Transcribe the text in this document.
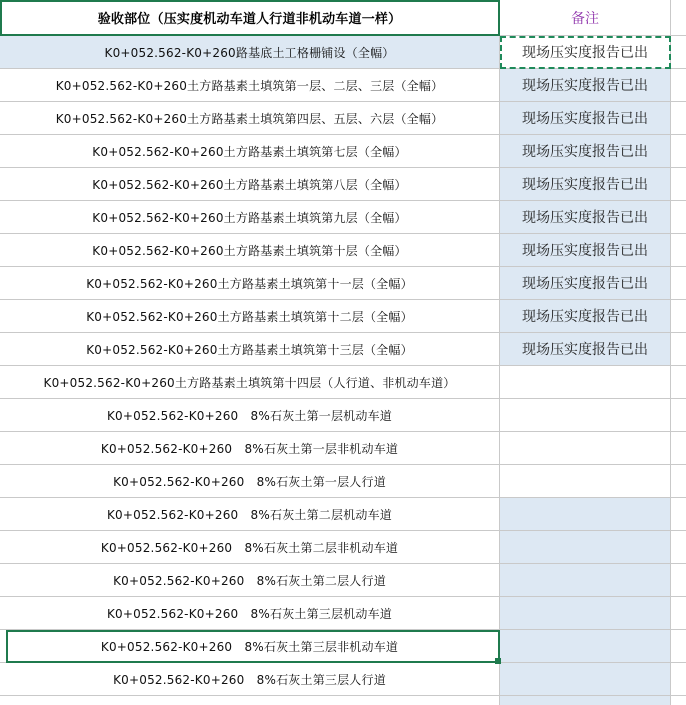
验收部位（压实度机动车道人行道非机动车道一样）	备注
K0+052.562-K0+260路基底土工格栅铺设（全幅）	现场压实度报告已出
K0+052.562-K0+260土方路基素土填筑第一层、二层、三层（全幅）	现场压实度报告已出
K0+052.562-K0+260土方路基素土填筑第四层、五层、六层（全幅）	现场压实度报告已出
K0+052.562-K0+260土方路基素土填筑第七层（全幅）	现场压实度报告已出
K0+052.562-K0+260土方路基素土填筑第八层（全幅）	现场压实度报告已出
K0+052.562-K0+260土方路基素土填筑第九层（全幅）	现场压实度报告已出
K0+052.562-K0+260土方路基素土填筑第十层（全幅）	现场压实度报告已出
K0+052.562-K0+260土方路基素土填筑第十一层（全幅）	现场压实度报告已出
K0+052.562-K0+260土方路基素土填筑第十二层（全幅）	现场压实度报告已出
K0+052.562-K0+260土方路基素土填筑第十三层（全幅）	现场压实度报告已出
K0+052.562-K0+260土方路基素土填筑第十四层（人行道、非机动车道）
K0+052.562-K0+260　8%石灰土第一层机动车道
K0+052.562-K0+260　8%石灰土第一层非机动车道
K0+052.562-K0+260　8%石灰土第一层人行道
K0+052.562-K0+260　8%石灰土第二层机动车道
K0+052.562-K0+260　8%石灰土第二层非机动车道
K0+052.562-K0+260　8%石灰土第二层人行道
K0+052.562-K0+260　8%石灰土第三层机动车道
K0+052.562-K0+260　8%石灰土第三层非机动车道
K0+052.562-K0+260　8%石灰土第三层人行道
